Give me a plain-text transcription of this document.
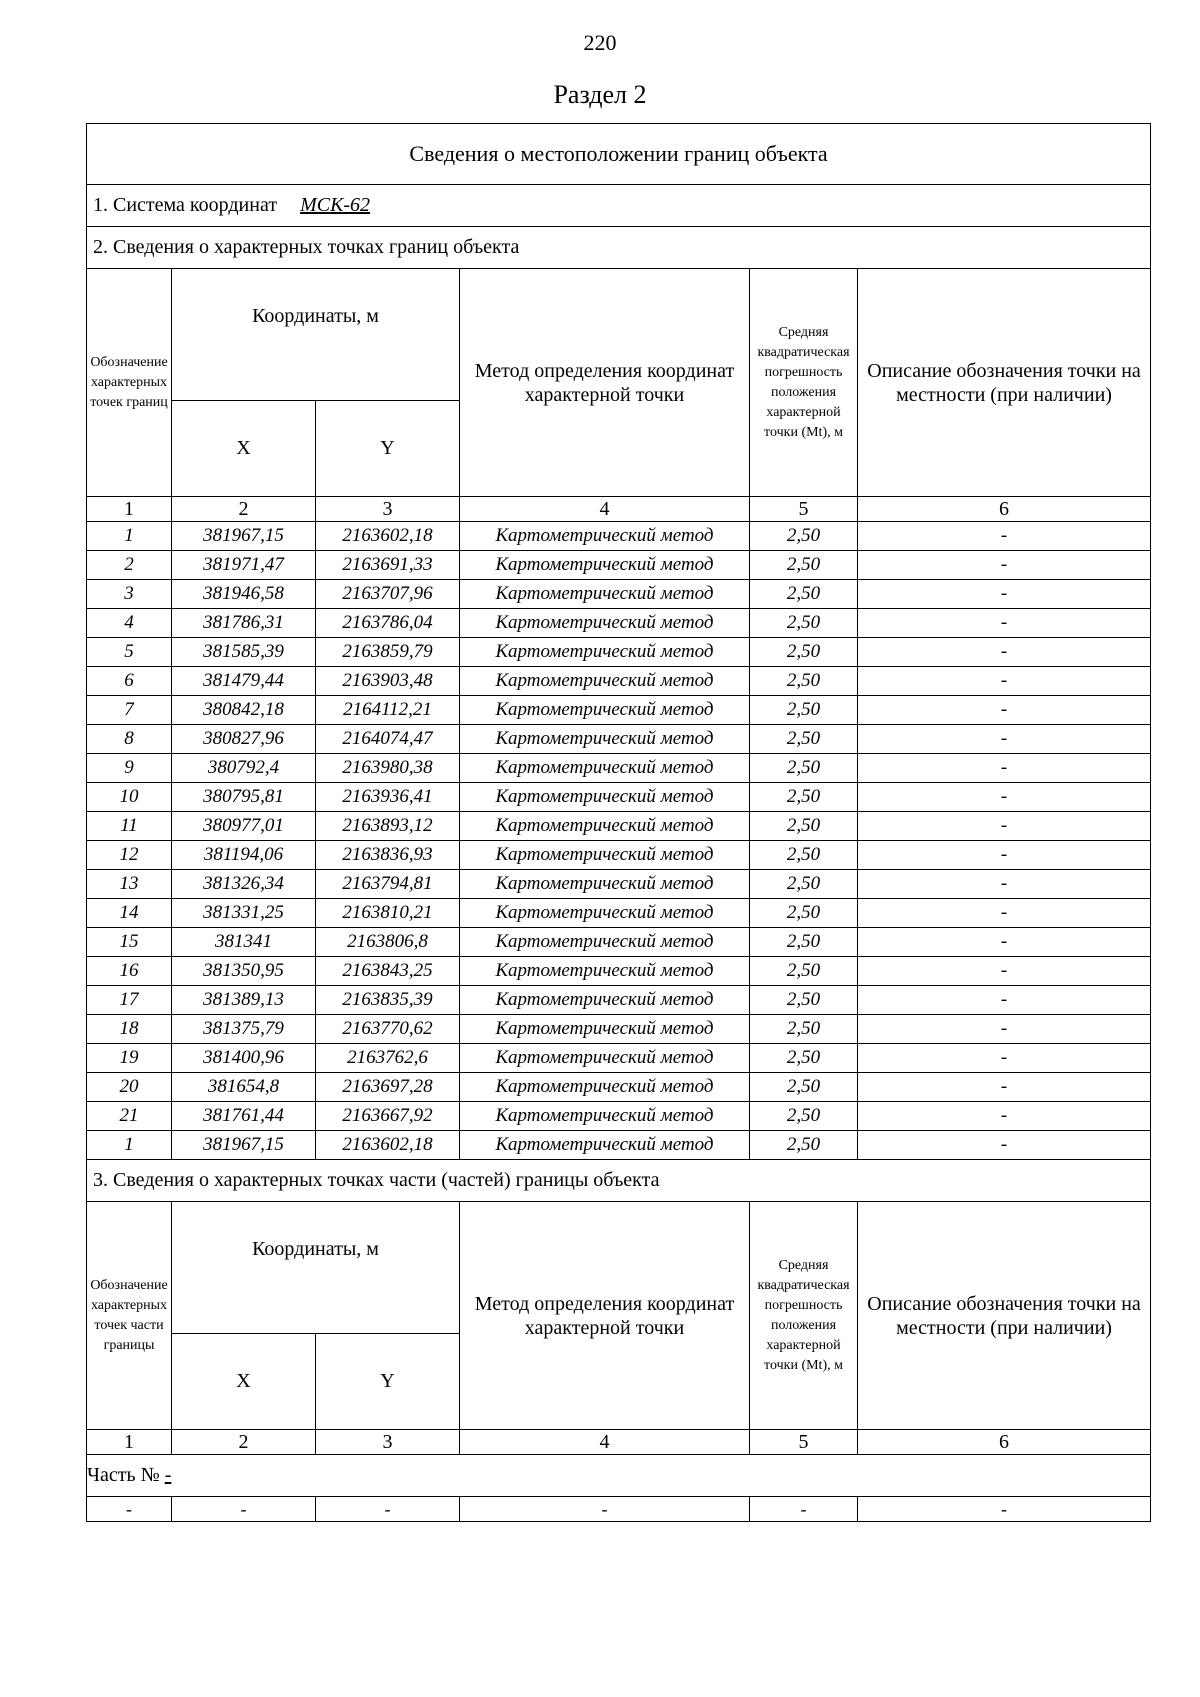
220
Раздел 2
Сведения о местоположении границ объекта					
1. Система координат МСК-62					
2. Сведения о характерных точках границ объекта					
Обозначение характерных точек границ	Координаты, м		Метод определения координат характерной точки	Средняя квадратическая погрешность положения характерной точки (Mt), м	Описание обозначения точки на местности (при наличии)
	X	Y			
1	2	3	4	5	6
1	381967,15	2163602,18	Картометрический метод	2,50	-
2	381971,47	2163691,33	Картометрический метод	2,50	-
3	381946,58	2163707,96	Картометрический метод	2,50	-
4	381786,31	2163786,04	Картометрический метод	2,50	-
5	381585,39	2163859,79	Картометрический метод	2,50	-
6	381479,44	2163903,48	Картометрический метод	2,50	-
7	380842,18	2164112,21	Картометрический метод	2,50	-
8	380827,96	2164074,47	Картометрический метод	2,50	-
9	380792,4	2163980,38	Картометрический метод	2,50	-
10	380795,81	2163936,41	Картометрический метод	2,50	-
11	380977,01	2163893,12	Картометрический метод	2,50	-
12	381194,06	2163836,93	Картометрический метод	2,50	-
13	381326,34	2163794,81	Картометрический метод	2,50	-
14	381331,25	2163810,21	Картометрический метод	2,50	-
15	381341	2163806,8	Картометрический метод	2,50	-
16	381350,95	2163843,25	Картометрический метод	2,50	-
17	381389,13	2163835,39	Картометрический метод	2,50	-
18	381375,79	2163770,62	Картометрический метод	2,50	-
19	381400,96	2163762,6	Картометрический метод	2,50	-
20	381654,8	2163697,28	Картометрический метод	2,50	-
21	381761,44	2163667,92	Картометрический метод	2,50	-
1	381967,15	2163602,18	Картометрический метод	2,50	-
3. Сведения о характерных точках части (частей) границы объекта					
Обозначение характерных точек части границы	Координаты, м		Метод определения координат характерной точки	Средняя квадратическая погрешность положения характерной точки (Mt), м	Описание обозначения точки на местности (при наличии)
	X	Y			
1	2	3	4	5	6
Часть № -					
-	-	-	-	-	-
